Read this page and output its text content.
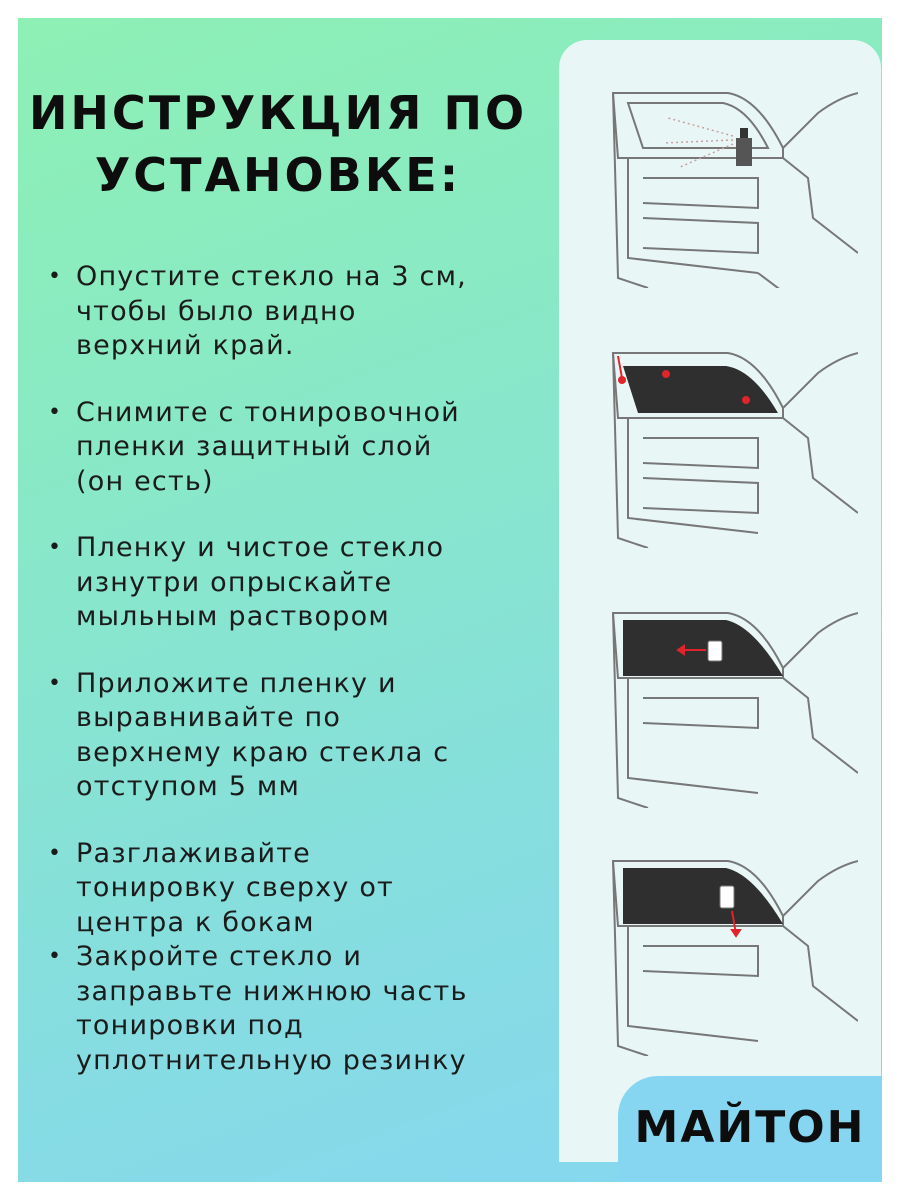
ИНСТРУКЦИЯ ПО
УСТАНОВКЕ:
• Опустите стекло на 3 см,
чтобы было видно
верхний край.
• Снимите с тонировочной
пленки защитный слой
(он есть)
• Пленку и чистое стекло
изнутри опрыскайте
мыльным раствором
• Приложите пленку и
выравнивайте по
верхнему краю стекла с
отступом 5 мм
• Разглаживайте
тонировку сверху от
центра к бокам
• Закройте стекло и
заправьте нижнюю часть
тонировки под
уплотнительную резинку
МАЙТОН
